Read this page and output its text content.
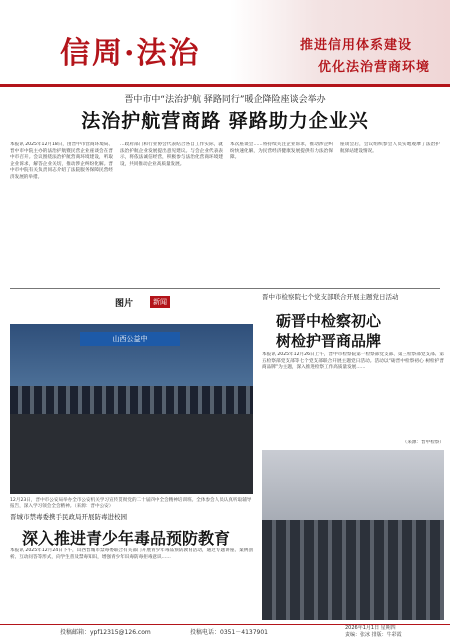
信周·法治	推进信用体系建设
优化法治营商环境
晋中市中“法治护航 驿路同行”暖企降险座谈会举办
法治护航营商路 驿路助力企业兴
本报讯 2025年12月18日，由晋中市营商环境局、晋中市中院主办的法治护航暨民营企业座谈会在晋中市召开。会议围绕法治护航营商环境建设，听取企业诉求，解答企业关切，推动涉企纠纷化解。晋中市中院有关负责同志介绍了法院服务保障民营经济发展的举措。
…政府部门和行业协会代表结合各自工作实际，就法治护航企业发展提出意见建议。与会企业代表表示，将依法诚信经营，积极参与法治化营商环境建设，共同推动企业高质量发展。
本次座谈会……将持续关注企业诉求，推动涉企纠纷快速化解，为民营经济健康发展提供有力法治保障。
座谈会后，会议组织参会人员实地观摩了法治护航驿站建设情况。
图片	新闻
山西公益中
12月23日，晋中市公安局举办全市公安机关学习宣传贯彻党的二十届四中全会精神培训班。全体参会人员认真听取辅导报告，深入学习领会全会精神。（来源：晋中公安）
晋中市检察院七个党支部联合开展主题党日活动
砺晋中检察初心
树检护晋商品牌
本报讯 2025年12月26日上午，晋中市检察院第一检察部党支部、第三检察部党支部、第五检察部党支部等七个党支部联合开展主题党日活动。活动以“砺晋中检察初心 树检护晋商品牌”为主题，深入推进检察工作高质量发展……
（来源：晋中检察）
晋城市禁毒委携手民政局开展防毒进校园
深入推进青少年毒品预防教育
本报讯 2025年12月24日下午，山西晋城市禁毒委联合有关部门开展青少年毒品预防教育活动，通过专题讲座、案例剖析、互动问答等形式，向学生普及禁毒知识，增强青少年识毒防毒拒毒意识……
投稿邮箱：ypf12315@126.com	投稿电话：0351－4137901
2026年1月1日 星期四
责编：张冰 排版：牛彩霞
